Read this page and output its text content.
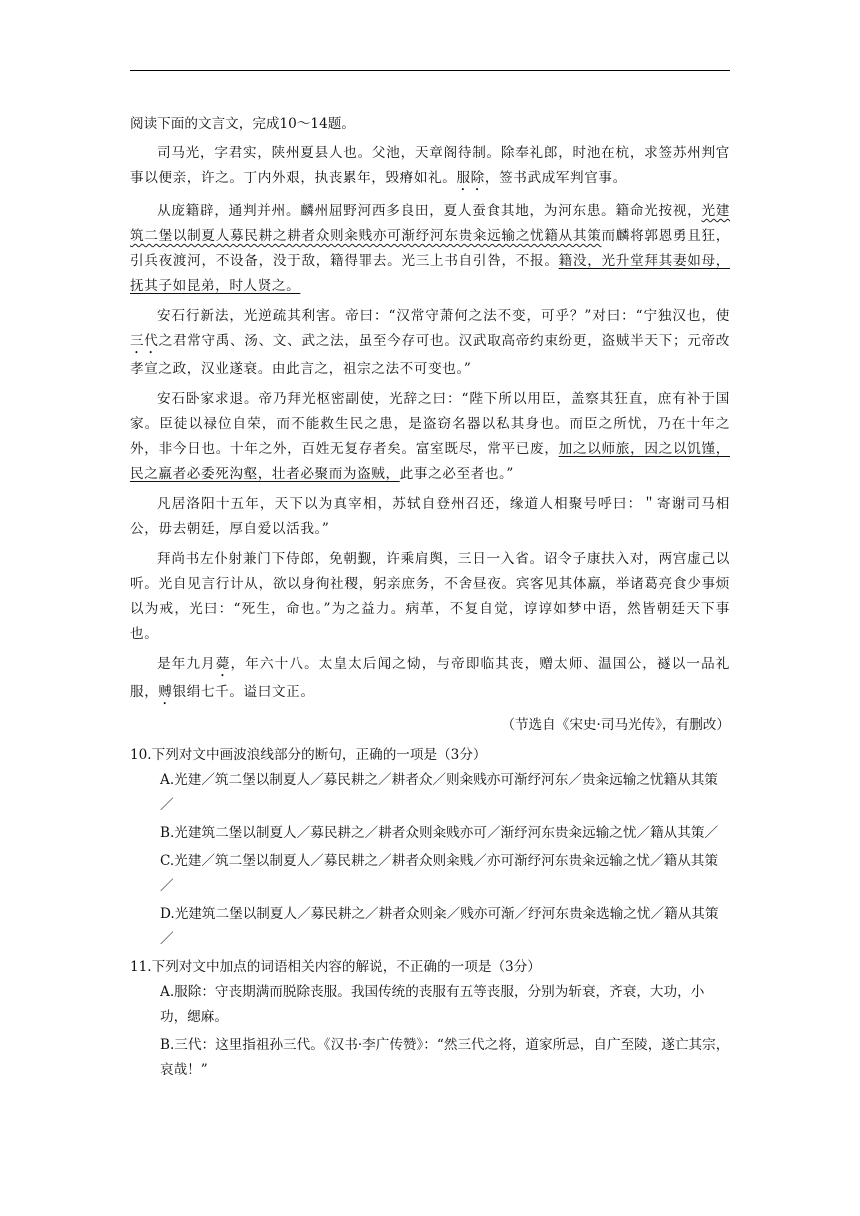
阅读下面的文言文，完成10～14题。

司马光，字君实，陕州夏县人也。父池，天章阁待制。除奉礼郎，时池在杭，求签苏州判官事以便亲，许之。丁内外艰，执丧累年，毁瘠如礼。服除，签书武成军判官事。

从庞籍辟，通判并州。麟州屈野河西多良田，夏人蚕食其地，为河东患。籍命光按视，光建筑二堡以制夏人募民耕之耕者众则籴贱亦可渐纾河东贵籴远输之忧籍从其策而麟将郭恩勇且狂，引兵夜渡河，不设备，没于敌，籍得罪去。光三上书自引咎，不报。籍没，光升堂拜其妻如母，抚其子如昆弟，时人贤之。

安石行新法，光逆疏其利害。帝曰：“汉常守萧何之法不变，可乎？”对曰：“宁独汉也，使三代之君常守禹、汤、文、武之法，虽至今存可也。汉武取高帝约束纷更，盗贼半天下；元帝改孝宣之政，汉业遂衰。由此言之，祖宗之法不可变也。”

安石卧家求退。帝乃拜光枢密副使，光辞之曰：“陛下所以用臣，盖察其狂直，庶有补于国家。臣徒以禄位自荣，而不能救生民之患，是盗窃名器以私其身也。而臣之所忧，乃在十年之外，非今日也。十年之外，百姓无复存者矣。富室既尽，常平已废，加之以师旅，因之以饥馑，民之羸者必委死沟壑，壮者必聚而为盗贼，此事之必至者也。”

凡居洛阳十五年，天下以为真宰相，苏轼自登州召还，缘道人相聚号呼曰：＂寄谢司马相公，毋去朝廷，厚自爱以活我。”

拜尚书左仆射兼门下侍郎，免朝觐，许乘肩舆，三日一入省。诏令子康扶入对，两宫虚己以听。光自见言行计从，欲以身徇社稷，躬亲庶务，不舍昼夜。宾客见其体羸，举诸葛亮食少事烦以为戒，光曰：“死生，命也。”为之益力。病革，不复自觉，谆谆如梦中语，然皆朝廷天下事也。

是年九月薨，年六十八。太皇太后闻之恸，与帝即临其丧，赠太师、温国公，襚以一品礼服，赙银绢七千。谥曰文正。

（节选自《宋史·司马光传》，有删改）

10.下列对文中画波浪线部分的断句，正确的一项是（3分）

A.光建／筑二堡以制夏人／募民耕之／耕者众／则籴贱亦可渐纾河东／贵籴远输之忧籍从其策／

B.光建筑二堡以制夏人／募民耕之／耕者众则籴贱亦可／渐纾河东贵籴远输之忧／籍从其策／

C.光建／筑二堡以制夏人／募民耕之／耕者众则籴贱／亦可渐纾河东贵籴远输之忧／籍从其策／

D.光建筑二堡以制夏人／募民耕之／耕者众则籴／贱亦可渐／纾河东贵籴选输之忧／籍从其策／

11.下列对文中加点的词语相关内容的解说，不正确的一项是（3分）

A.服除：守丧期满而脱除丧服。我国传统的丧服有五等丧服，分别为斩衰，齐衰，大功，小功，缌麻。

B.三代：这里指祖孙三代。《汉书·李广传赞》：“然三代之将，道家所忌，自广至陵，遂亡其宗，哀哉！”
